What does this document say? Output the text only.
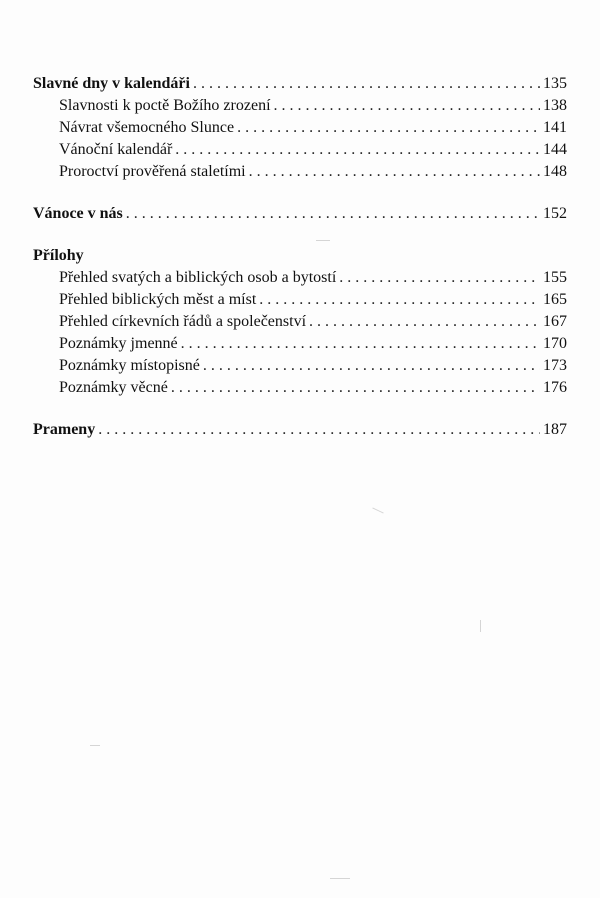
Slavné dny v kalendáři . . .	135
Slavnosti k poctě Božího zrození . . .	138
Návrat všemocného Slunce . . .	141
Vánoční kalendář . . .	144
Proroctví prověřená staletími . . .	148
Vánoce v nás . . .	152
Přílohy
Přehled svatých a biblických osob a bytostí . . .	155
Přehled biblických měst a míst . . .	165
Přehled církevních řádů a společenství . . .	167
Poznámky jmenné . . .	170
Poznámky místopisné . . .	173
Poznámky věcné . . .	176
Prameny . . .	187
